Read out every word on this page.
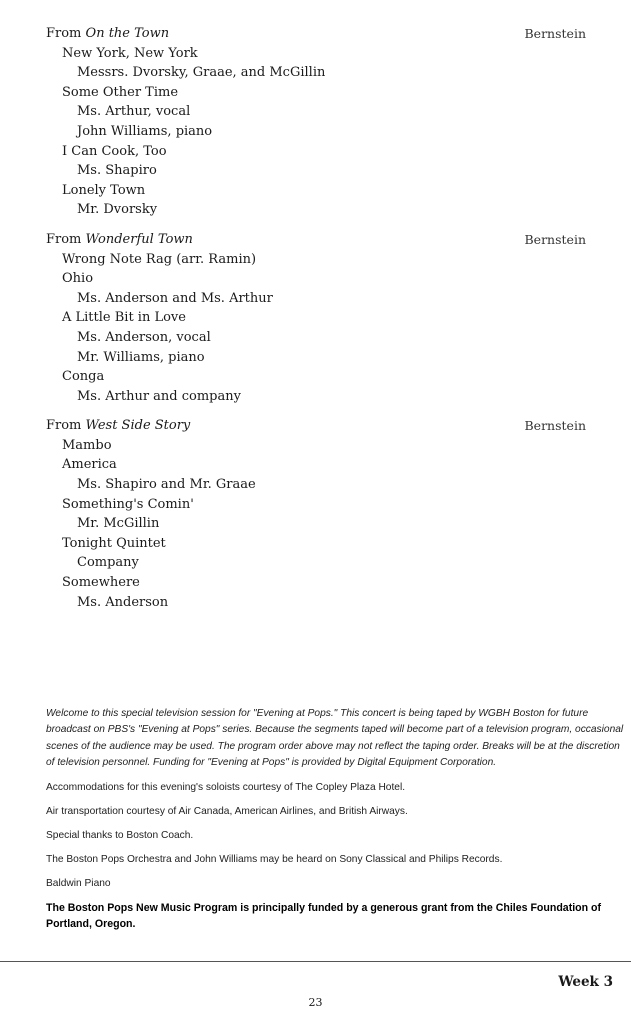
From On the Town	Bernstein
New York, New York
Messrs. Dvorsky, Graae, and McGillin
Some Other Time
Ms. Arthur, vocal
John Williams, piano
I Can Cook, Too
Ms. Shapiro
Lonely Town
Mr. Dvorsky
From Wonderful Town	Bernstein
Wrong Note Rag (arr. Ramin)
Ohio
Ms. Anderson and Ms. Arthur
A Little Bit in Love
Ms. Anderson, vocal
Mr. Williams, piano
Conga
Ms. Arthur and company
From West Side Story	Bernstein
Mambo
America
Ms. Shapiro and Mr. Graae
Something's Comin'
Mr. McGillin
Tonight Quintet
Company
Somewhere
Ms. Anderson

Welcome to this special television session for "Evening at Pops." This concert is being taped by WGBH Boston for future broadcast on PBS's "Evening at Pops" series. Because the segments taped will become part of a television program, occasional scenes of the audience may be used. The program order above may not reflect the taping order. Breaks will be at the discretion of television personnel. Funding for "Evening at Pops" is provided by Digital Equipment Corporation.

Accommodations for this evening's soloists courtesy of The Copley Plaza Hotel.

Air transportation courtesy of Air Canada, American Airlines, and British Airways.

Special thanks to Boston Coach.

The Boston Pops Orchestra and John Williams may be heard on Sony Classical and Philips Records.

Baldwin Piano

The Boston Pops New Music Program is principally funded by a generous grant from the Chiles Foundation of Portland, Oregon.

Week 3
23
